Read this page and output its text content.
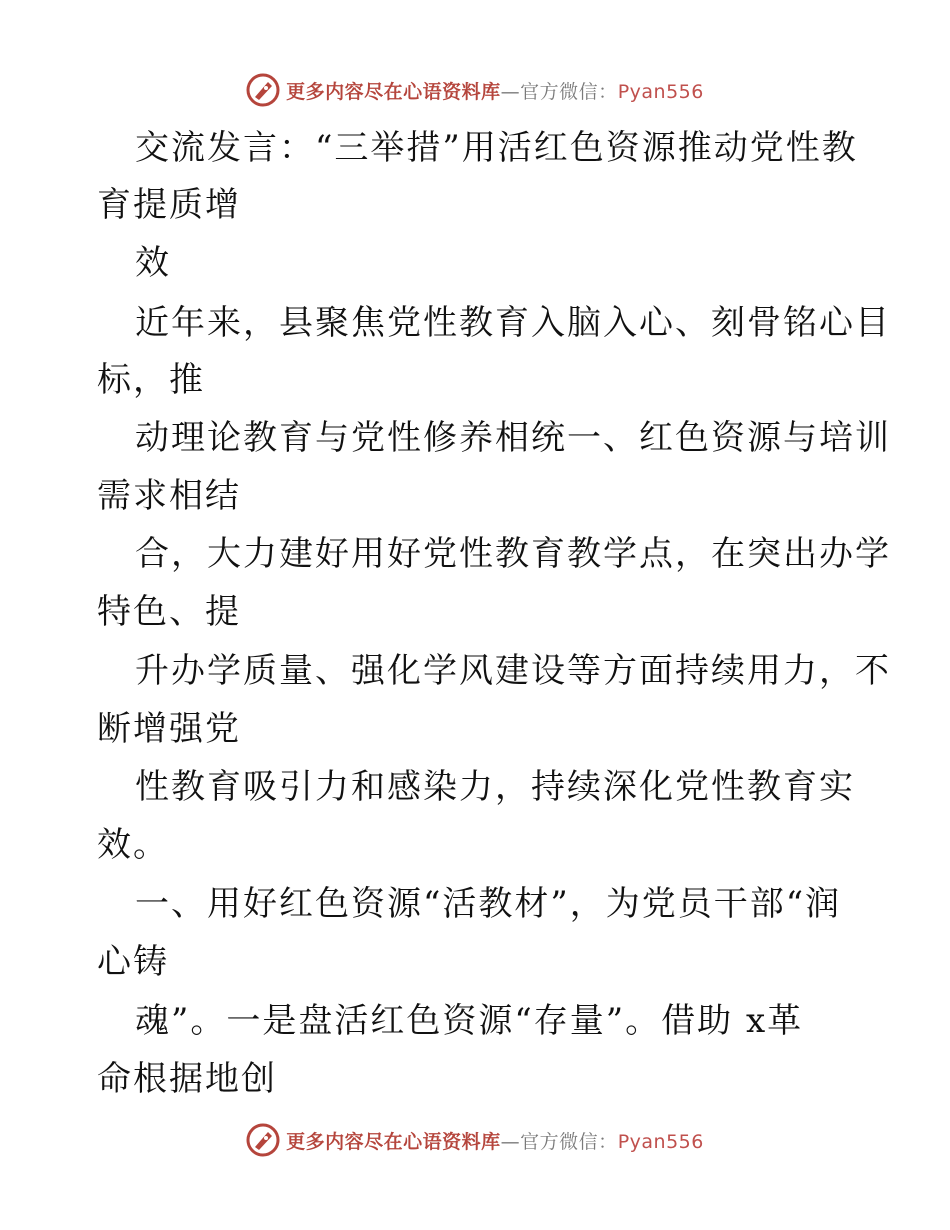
更多内容尽在心语资料库—官方微信：Pyan556
交流发言：“三举措”用活红色资源推动党性教
育提质增
效
近年来，县聚焦党性教育入脑入心、刻骨铭心目
标，推
动理论教育与党性修养相统一、红色资源与培训
需求相结
合，大力建好用好党性教育教学点，在突出办学
特色、提
升办学质量、强化学风建设等方面持续用力，不
断增强党
性教育吸引力和感染力，持续深化党性教育实
效。
一、用好红色资源“活教材”，为党员干部“润
心铸
魂”。一是盘活红色资源“存量”。借助 x革
命根据地创
更多内容尽在心语资料库—官方微信：Pyan556
